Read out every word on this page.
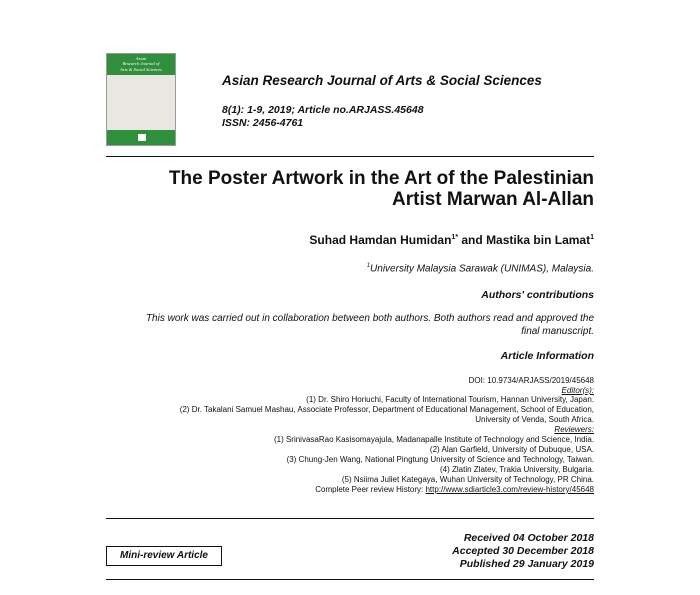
Asian
Research Journal of
Arts & Social Sciences
Asian Research Journal of Arts & Social Sciences
8(1): 1-9, 2019; Article no.ARJASS.45648
ISSN: 2456-4761
The Poster Artwork in the Art of the Palestinian
Artist Marwan Al-Allan
Suhad Hamdan Humidan$^{1*}$ and Mastika bin Lamat$^1$
$^1$University Malaysia Sarawak (UNIMAS), Malaysia.
Authors' contributions
This work was carried out in collaboration between both authors. Both authors read and approved the
final manuscript.
Article Information
DOI: 10.9734/ARJASS/2019/45648
Editor(s):
(1) Dr. Shiro Horiuchi, Faculty of International Tourism, Hannan University, Japan.
(2) Dr. Takalani Samuel Mashau, Associate Professor, Department of Educational Management, School of Education,
University of Venda, South Africa.
Reviewers:
(1) SrinivasaRao Kasisomayajula, Madanapalle Institute of Technology and Science, India.
(2) Alan Garfield, University of Dubuque, USA.
(3) Chung-Jen Wang, National Pingtung University of Science and Technology, Taiwan.
(4) Zlatin Zlatev, Trakia University, Bulgaria.
(5) Nsiima Juliet Kategaya, Wuhan University of Technology, PR China.
Complete Peer review History: http://www.sdiarticle3.com/review-history/45648
Mini-review Article
Received 04 October 2018
Accepted 30 December 2018
Published 29 January 2019
